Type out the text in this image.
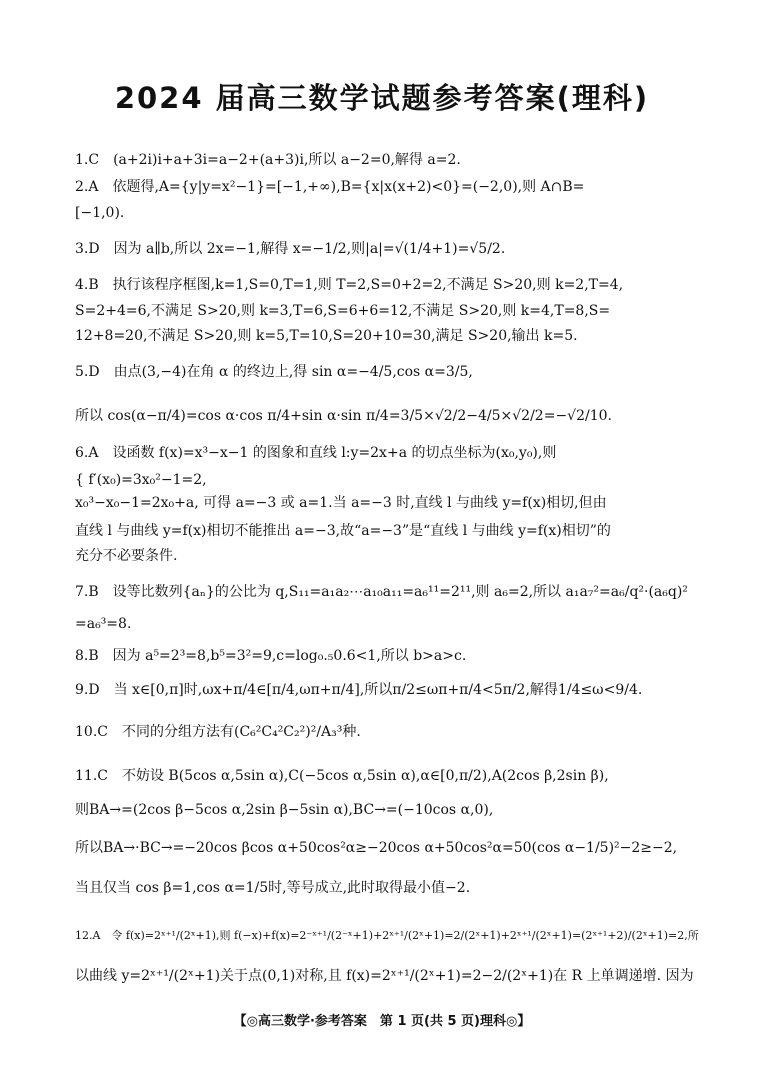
2024 届高三数学试题参考答案(理科)
1.C　(a+2i)i+a+3i=a−2+(a+3)i,所以 a−2=0,解得 a=2.
2.A　依题得,A={y|y=x²−1}=[−1,+∞),B={x|x(x+2)<0}=(−2,0),则 A∩B=
[−1,0).
3.D　因为 a∥b,所以 2x=−1,解得 x=−1/2,则|a|=√(1/4+1)=√5/2.
4.B　执行该程序框图,k=1,S=0,T=1,则 T=2,S=0+2=2,不满足 S>20,则 k=2,T=4,
S=2+4=6,不满足 S>20,则 k=3,T=6,S=6+6=12,不满足 S>20,则 k=4,T=8,S=
12+8=20,不满足 S>20,则 k=5,T=10,S=20+10=30,满足 S>20,输出 k=5.
5.D　由点(3,−4)在角 α 的终边上,得 sin α=−4/5,cos α=3/5,
所以 cos(α−π/4)=cos α·cos π/4+sin α·sin π/4=3/5×√2/2−4/5×√2/2=−√2/10.
6.A　设函数 f(x)=x³−x−1 的图象和直线 l:y=2x+a 的切点坐标为(x₀,y₀),则
{ f′(x₀)=3x₀²−1=2,
x₀³−x₀−1=2x₀+a, 可得 a=−3 或 a=1.当 a=−3 时,直线 l 与曲线 y=f(x)相切,但由
直线 l 与曲线 y=f(x)相切不能推出 a=−3,故“a=−3”是“直线 l 与曲线 y=f(x)相切”的
充分不必要条件.
7.B　设等比数列{aₙ}的公比为 q,S₁₁=a₁a₂⋯a₁₀a₁₁=a₆¹¹=2¹¹,则 a₆=2,所以 a₁a₇²=a₆/q²·(a₆q)²
=a₆³=8.
8.B　因为 a⁵=2³=8,b⁵=3²=9,c=log₀.₅0.6<1,所以 b>a>c.
9.D　当 x∈[0,π]时,ωx+π/4∈[π/4,ωπ+π/4],所以π/2≤ωπ+π/4<5π/2,解得1/4≤ω<9/4.
10.C　不同的分组方法有(C₆²C₄²C₂²)²/A₃³种.
11.C　不妨设 B(5cos α,5sin α),C(−5cos α,5sin α),α∈[0,π/2),A(2cos β,2sin β),
则BA→=(2cos β−5cos α,2sin β−5sin α),BC→=(−10cos α,0),
所以BA→·BC→=−20cos βcos α+50cos²α≥−20cos α+50cos²α=50(cos α−1/5)²−2≥−2,
当且仅当 cos β=1,cos α=1/5时,等号成立,此时取得最小值−2.
12.A　令 f(x)=2ˣ⁺¹/(2ˣ+1),则 f(−x)+f(x)=2⁻ˣ⁺¹/(2⁻ˣ+1)+2ˣ⁺¹/(2ˣ+1)=2/(2ˣ+1)+2ˣ⁺¹/(2ˣ+1)=(2ˣ⁺¹+2)/(2ˣ+1)=2,所
以曲线 y=2ˣ⁺¹/(2ˣ+1)关于点(0,1)对称,且 f(x)=2ˣ⁺¹/(2ˣ+1)=2−2/(2ˣ+1)在 R 上单调递增. 因为
【◎高三数学·参考答案　第 1 页(共 5 页)理科◎】
